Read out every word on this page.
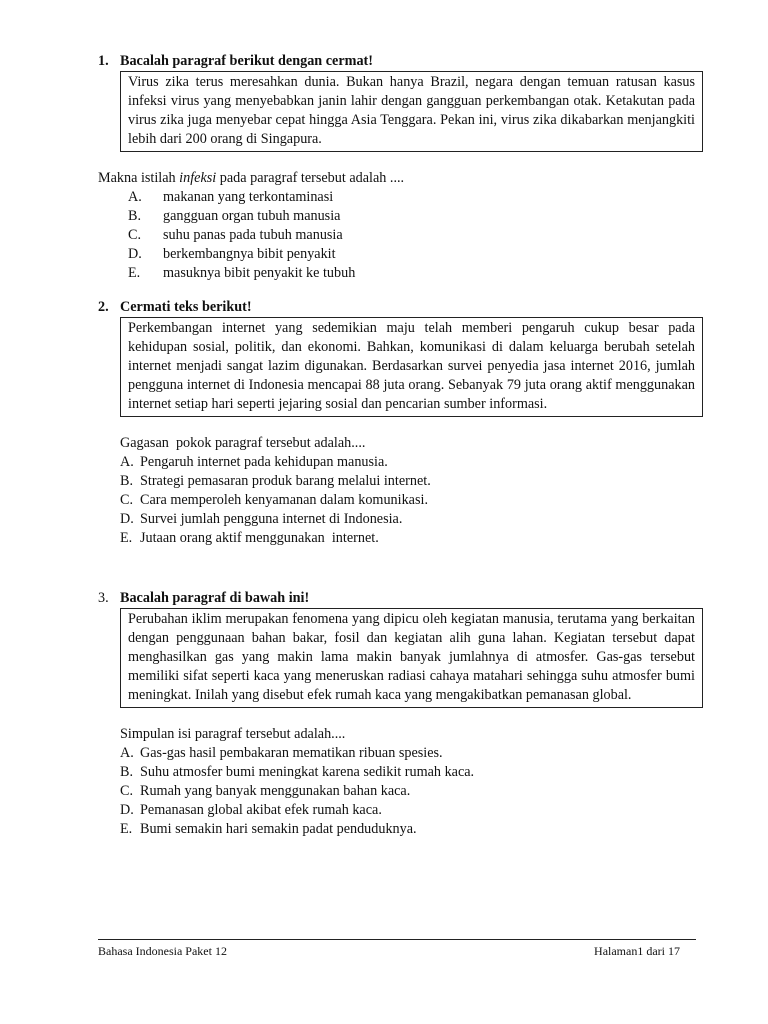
1. Bacalah paragraf berikut dengan cermat!
Virus zika terus meresahkan dunia. Bukan hanya Brazil, negara dengan temuan ratusan kasus infeksi virus yang menyebabkan janin lahir dengan gangguan perkembangan otak. Ketakutan pada virus zika juga menyebar cepat hingga Asia Tenggara. Pekan ini, virus zika dikabarkan menjangkiti lebih dari 200 orang di Singapura.
Makna istilah infeksi pada paragraf tersebut adalah ....
A. makanan yang terkontaminasi
B. gangguan organ tubuh manusia
C. suhu panas pada tubuh manusia
D. berkembangnya bibit penyakit
E. masuknya bibit penyakit ke tubuh
2. Cermati teks berikut!
Perkembangan internet yang sedemikian maju telah memberi pengaruh cukup besar pada kehidupan sosial, politik, dan ekonomi. Bahkan, komunikasi di dalam keluarga berubah setelah internet menjadi sangat lazim digunakan. Berdasarkan survei penyedia jasa internet 2016, jumlah pengguna internet di Indonesia mencapai 88 juta orang. Sebanyak 79 juta orang aktif menggunakan internet setiap hari seperti jejaring sosial dan pencarian sumber informasi.
Gagasan  pokok paragraf tersebut adalah....
A. Pengaruh internet pada kehidupan manusia.
B. Strategi pemasaran produk barang melalui internet.
C. Cara memperoleh kenyamanan dalam komunikasi.
D. Survei jumlah pengguna internet di Indonesia.
E. Jutaan orang aktif menggunakan  internet.
3. Bacalah paragraf di bawah ini!
Perubahan iklim merupakan fenomena yang dipicu oleh kegiatan manusia, terutama yang berkaitan dengan penggunaan bahan bakar, fosil dan kegiatan alih guna lahan. Kegiatan tersebut dapat menghasilkan gas yang makin lama makin banyak jumlahnya di atmosfer. Gas-gas tersebut memiliki sifat seperti kaca yang meneruskan radiasi cahaya matahari sehingga suhu atmosfer bumi meningkat. Inilah yang disebut efek rumah kaca yang mengakibatkan pemanasan global.
Simpulan isi paragraf tersebut adalah....
A. Gas-gas hasil pembakaran mematikan ribuan spesies.
B. Suhu atmosfer bumi meningkat karena sedikit rumah kaca.
C. Rumah yang banyak menggunakan bahan kaca.
D. Pemanasan global akibat efek rumah kaca.
E. Bumi semakin hari semakin padat penduduknya.
Bahasa Indonesia Paket 12	Halaman1 dari 17
